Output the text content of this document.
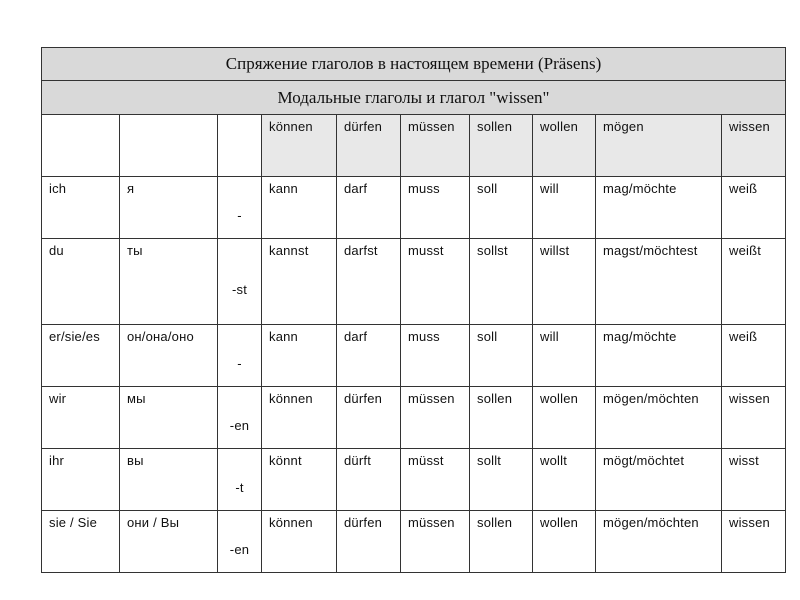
Спряжение глаголов в настоящем времени (Präsens)									
Модальные глаголы и глагол "wissen"									
			können	dürfen	müssen	sollen	wollen	mögen	wissen
ich	я	-	kann	darf	muss	soll	will	mag/möchte	weiß
du	ты	-st	kannst	darfst	musst	sollst	willst	magst/möchtest	weißt
er/sie/es	он/она/оно	-	kann	darf	muss	soll	will	mag/möchte	weiß
wir	мы	-en	können	dürfen	müssen	sollen	wollen	mögen/möchten	wissen
ihr	вы	-t	könnt	dürft	müsst	sollt	wollt	mögt/möchtet	wisst
sie / Sie	они / Вы	-en	können	dürfen	müssen	sollen	wollen	mögen/möchten	wissen
